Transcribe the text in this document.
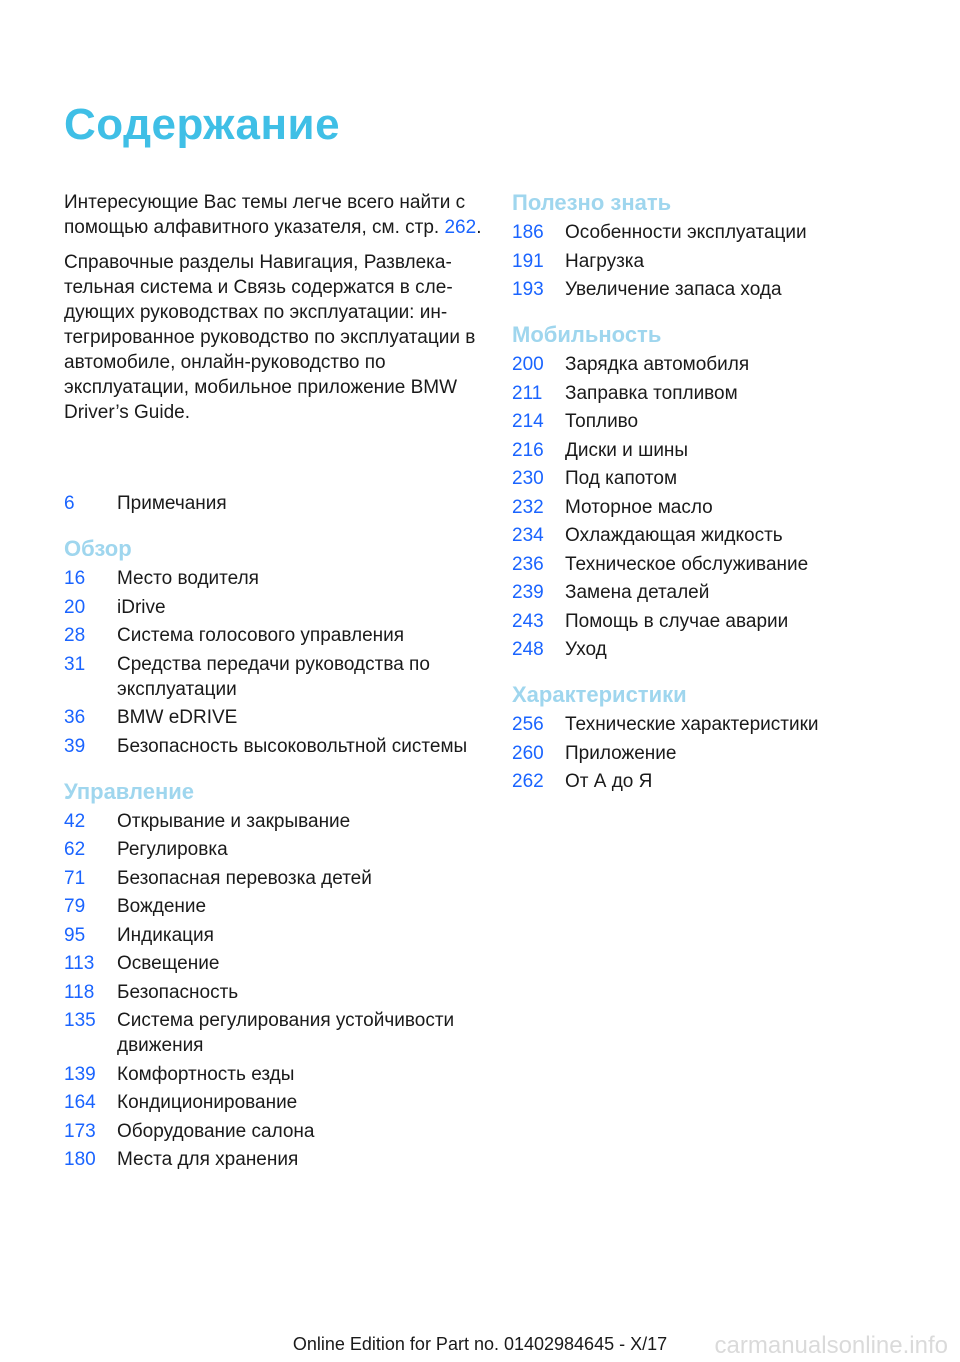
Содержание

Интересующие Вас темы легче всего найти с помощью алфавитного указателя, см. стр. 262.

Справочные разделы Навигация, Развлекательная система и Связь содержатся в следующих руководствах по эксплуатации: интегрированное руководство по эксплуатации в автомобиле, онлайн-руководство по эксплуатации, мобильное приложение BMW Driver’s Guide.

6	Примечания
Обзор
16	Место водителя
20	iDrive
28	Система голосового управления
31	Средства передачи руководства по эксплуатации
36	BMW eDRIVE
39	Безопасность высоковольтной системы
Управление
42	Открывание и закрывание
62	Регулировка
71	Безопасная перевозка детей
79	Вождение
95	Индикация
113	Освещение
118	Безопасность
135	Система регулирования устойчивости движения
139	Комфортность езды
164	Кондиционирование
173	Оборудование салона
180	Места для хранения
Полезно знать
186	Особенности эксплуатации
191	Нагрузка
193	Увеличение запаса хода
Мобильность
200	Зарядка автомобиля
211	Заправка топливом
214	Топливо
216	Диски и шины
230	Под капотом
232	Моторное масло
234	Охлаждающая жидкость
236	Техническое обслуживание
239	Замена деталей
243	Помощь в случае аварии
248	Уход
Характеристики
256	Технические характеристики
260	Приложение
262	От А до Я
Online Edition for Part no. 01402984645 - X/17	carmanualsonline.info
